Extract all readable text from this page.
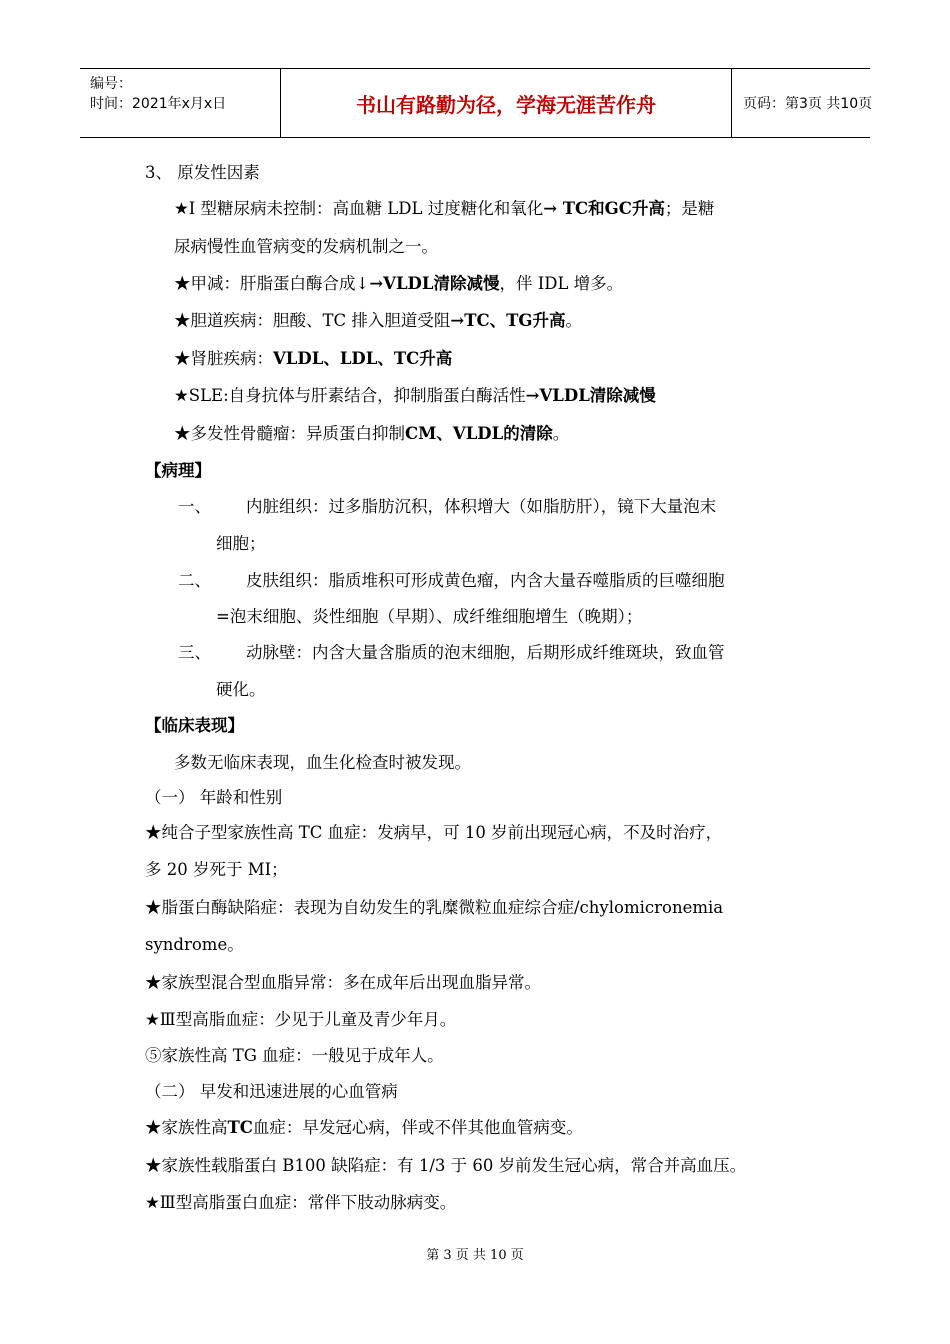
编号：
时间：2021年x月x日	书山有路勤为径，学海无涯苦作舟	页码：第3页 共10页
3、 原发性因素
★I 型糖尿病未控制：高血糖 LDL 过度糖化和氧化→ TC和GC升高；是糖
尿病慢性血管病变的发病机制之一。
★甲减：肝脂蛋白酶合成↓→VLDL清除减慢，伴 IDL 增多。
★胆道疾病：胆酸、TC 排入胆道受阻→TC、TG升高。
★肾脏疾病：VLDL、LDL、TC升高
★SLE:自身抗体与肝素结合，抑制脂蛋白酶活性→VLDL清除减慢
★多发性骨髓瘤：异质蛋白抑制CM、VLDL的清除。
【病理】
一、 内脏组织：过多脂肪沉积，体积增大（如脂肪肝），镜下大量泡末
细胞；
二、 皮肤组织：脂质堆积可形成黄色瘤，内含大量吞噬脂质的巨噬细胞
=泡末细胞、炎性细胞（早期）、成纤维细胞增生（晚期）；
三、 动脉壁：内含大量含脂质的泡末细胞，后期形成纤维斑块，致血管
硬化。
【临床表现】
多数无临床表现，血生化检查时被发现。
（一） 年龄和性别
★纯合子型家族性高 TC 血症：发病早，可 10 岁前出现冠心病，不及时治疗，
多 20 岁死于 MI；
★脂蛋白酶缺陷症：表现为自幼发生的乳糜微粒血症综合症/chylomicronemia
syndrome。
★家族型混合型血脂异常：多在成年后出现血脂异常。
★Ⅲ型高脂血症：少见于儿童及青少年月。
⑤家族性高 TG 血症：一般见于成年人。
（二） 早发和迅速进展的心血管病
★家族性高TC血症：早发冠心病，伴或不伴其他血管病变。
★家族性载脂蛋白 B100 缺陷症：有 1/3 于 60 岁前发生冠心病，常合并高血压。
★Ⅲ型高脂蛋白血症：常伴下肢动脉病变。
第 3 页 共 10 页
